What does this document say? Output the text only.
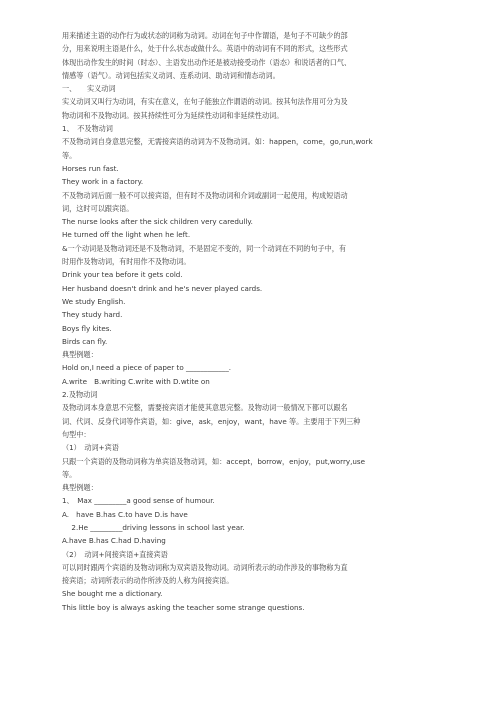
用来描述主语的动作行为或状态的词称为动词。动词在句子中作谓语，是句子不可缺少的部
分，用来说明主语是什么，处于什么状态或做什么。英语中的动词有不同的形式，这些形式
体现出动作发生的时间（时态）、主语发出动作还是被动接受动作（语态）和说话者的口气、
情感等（语气）。动词包括实义动词、连系动词、助动词和情态动词。
一、　　实义动词
实义动词又叫行为动词，有实在意义，在句子能独立作谓语的动词。按其句法作用可分为及
物动词和不及物动词。按其持续性可分为延续性动词和非延续性动词。
1、　不及物动词
不及物动词自身意思完整，无需接宾语的动词为不及物动词。如：happen，come，go,run,work
等。
Horses run fast.
They work in a factory.
不及物动词后面一般不可以接宾语，但有时不及物动词和介词或副词一起使用，构成短语动
词，这时可以跟宾语。
The nurse looks after the sick children very caredully.
He turned off the light when he left.
&一个动词是及物动词还是不及物动词，不是固定不变的，同一个动词在不同的句子中，有
时用作及物动词，有时用作不及物动词。
Drink your tea before it gets cold.
Her husband doesn't drink and he's never played cards.
We study English.
They study hard.
Boys fly kites.
Birds can fly.
典型例题：
Hold on,I need a piece of paper to ____________.
A.write　B.writing C.write with D.wtite on
2.及物动词
及物动词本身意思不完整，需要接宾语才能使其意思完整。及物动词一般情况下都可以跟名
词、代词、反身代词等作宾语，如：give，ask，enjoy，want，have 等。主要用于下列三种
句型中：
（1）　动词+宾语
只跟一个宾语的及物动词称为单宾语及物动词，如：accept，borrow，enjoy，put,worry,use
等。
典型例题：
1、　Max _________a good sense of humour.
A.　have B.has C.to have D.is have
　 2.He _________driving lessons in school last year.
A.have B.has C.had D.having
（2）　动词+间接宾语+直接宾语
可以同时跟两个宾语的及物动词称为双宾语及物动词。动词所表示的动作涉及的事物称为直
接宾语；动词所表示的动作所涉及的人称为间接宾语。
She bought me a dictionary.
This little boy is always asking the teacher some strange questions.
